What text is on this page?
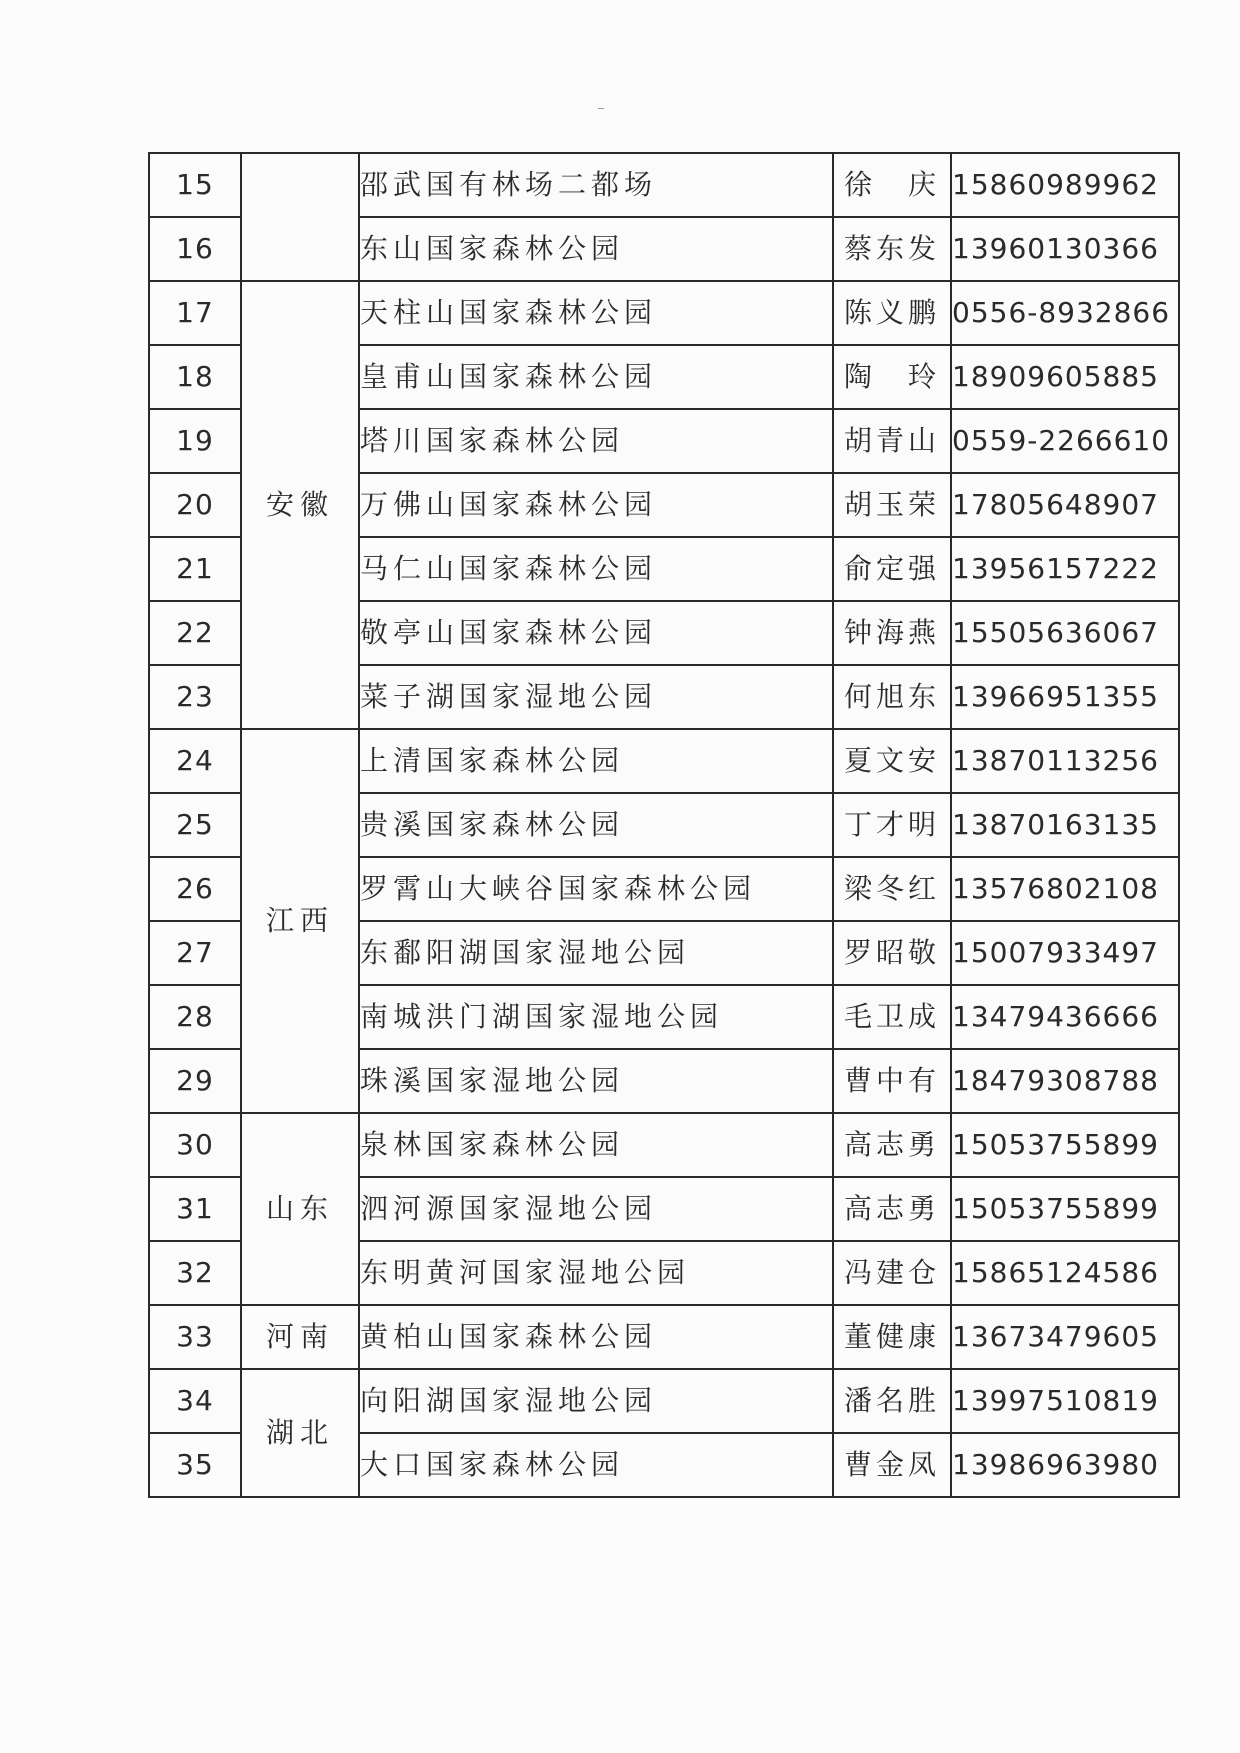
15		邵武国有林场二都场	徐　庆	15860989962
16		东山国家森林公园	蔡东发	13960130366
17	安徽	天柱山国家森林公园	陈义鹏	0556-8932866
18		皇甫山国家森林公园	陶　玲	18909605885
19		塔川国家森林公园	胡青山	0559-2266610
20		万佛山国家森林公园	胡玉荣	17805648907
21		马仁山国家森林公园	俞定强	13956157222
22		敬亭山国家森林公园	钟海燕	15505636067
23		菜子湖国家湿地公园	何旭东	13966951355
24	江西	上清国家森林公园	夏文安	13870113256
25		贵溪国家森林公园	丁才明	13870163135
26		罗霄山大峡谷国家森林公园	梁冬红	13576802108
27		东鄱阳湖国家湿地公园	罗昭敬	15007933497
28		南城洪门湖国家湿地公园	毛卫成	13479436666
29		珠溪国家湿地公园	曹中有	18479308788
30	山东	泉林国家森林公园	高志勇	15053755899
31		泗河源国家湿地公园	高志勇	15053755899
32		东明黄河国家湿地公园	冯建仓	15865124586
33	河南	黄柏山国家森林公园	董健康	13673479605
34	湖北	向阳湖国家湿地公园	潘名胜	13997510819
35		大口国家森林公园	曹金凤	13986963980
